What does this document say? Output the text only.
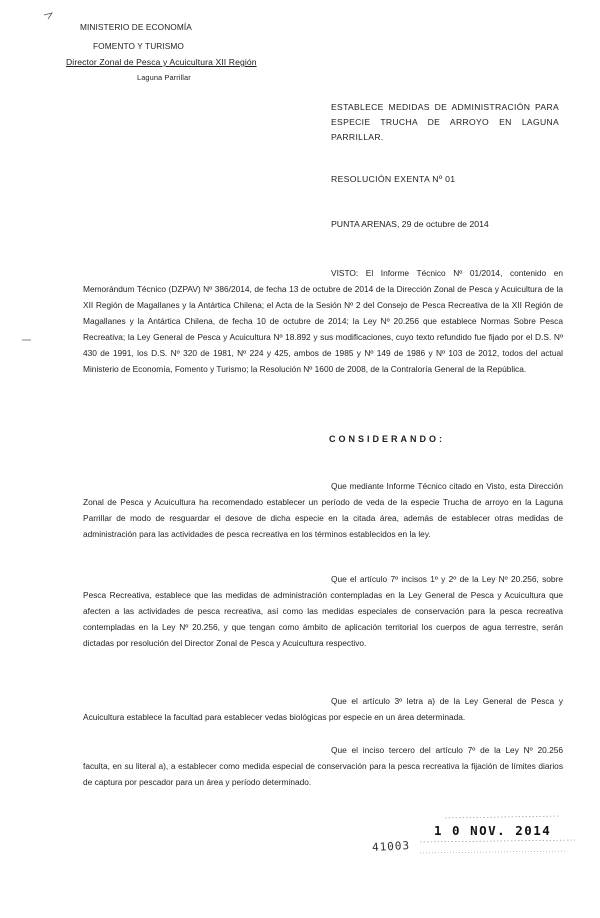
MINISTERIO DE ECONOMÍA
FOMENTO Y TURISMO
Director Zonal de Pesca y Acuicultura XII Región
Laguna Parrillar
ESTABLECE MEDIDAS DE ADMINISTRACIÓN PARA ESPECIE TRUCHA DE ARROYO EN LAGUNA PARRILLAR.
RESOLUCIÓN EXENTA Nº 01
PUNTA ARENAS, 29 de octubre de 2014

VISTO: El Informe Técnico Nº 01/2014, contenido en Memorándum Técnico (DZPAV) Nº 386/2014, de fecha 13 de octubre de 2014 de la Dirección Zonal de Pesca y Acuicultura de la XII Región de Magallanes y la Antártica Chilena; el Acta de la Sesión Nº 2 del Consejo de Pesca Recreativa de la XII Región de Magallanes y la Antártica Chilena, de fecha 10 de octubre de 2014; la Ley Nº 20.256 que establece Normas Sobre Pesca Recreativa; la Ley General de Pesca y Acuicultura Nº 18.892 y sus modificaciones, cuyo texto refundido fue fijado por el D.S. Nº 430 de 1991, los D.S. Nº 320 de 1981, Nº 224 y 425, ambos de 1985 y Nº 149 de 1986 y Nº 103 de 2012, todos del actual Ministerio de Economía, Fomento y Turismo; la Resolución Nº 1600 de 2008, de la Contraloría General de la República.

CONSIDERANDO:

Que mediante Informe Técnico citado en Visto, esta Dirección Zonal de Pesca y Acuicultura ha recomendado establecer un período de veda de la especie Trucha de arroyo en la Laguna Parrillar de modo de resguardar el desove de dicha especie en la citada área, además de establecer otras medidas de administración para las actividades de pesca recreativa en los términos establecidos en la ley.

Que el artículo 7º incisos 1º y 2º de la Ley Nº 20.256, sobre Pesca Recreativa, establece que las medidas de administración contempladas en la Ley General de Pesca y Acuicultura que afecten a las actividades de pesca recreativa, así como las medidas especiales de conservación para la pesca recreativa contempladas en la Ley Nº 20.256, y que tengan como ámbito de aplicación territorial los cuerpos de agua terrestre, serán dictadas por resolución del Director Zonal de Pesca y Acuicultura respectivo.

Que el artículo 3º letra a) de la Ley General de Pesca y Acuicultura establece la facultad para establecer vedas biológicas por especie en un área determinada.

Que el inciso tercero del artículo 7º de la Ley Nº 20.256 faculta, en su literal a), a establecer como medida especial de conservación para la pesca recreativa la fijación de límites diarios de captura por pescador para un área y período determinado.

1 0 NOV. 2014
41003
